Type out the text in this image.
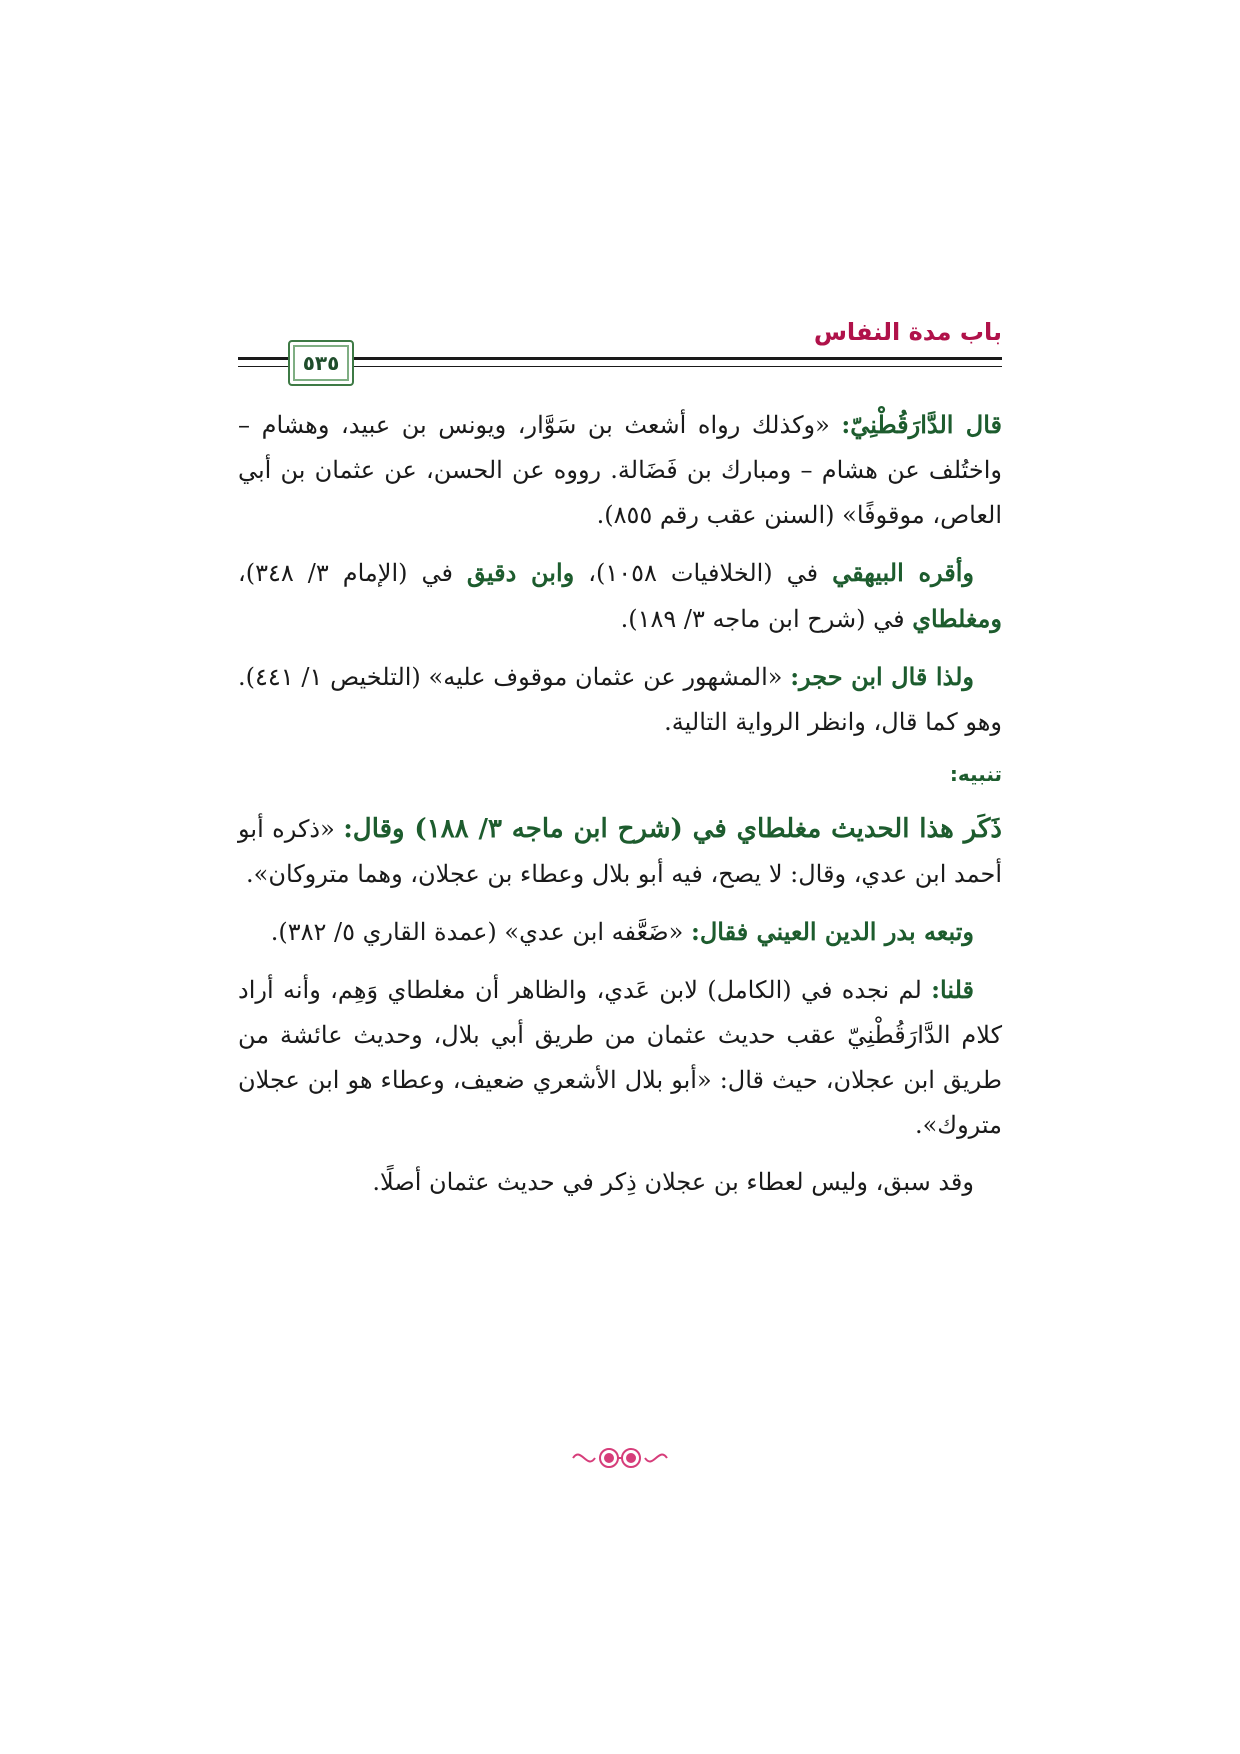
باب مدة النفاس
٥٣٥

قال الدَّارَقُطْنِيّ: «وكذلك رواه أشعث بن سَوَّار، ويونس بن عبيد، وهشام – واختُلف عن هشام – ومبارك بن فَضَالة. رووه عن الحسن، عن عثمان بن أبي العاص، موقوفًا» (السنن عقب رقم ٨٥٥).

وأقره البيهقي في (الخلافيات ١٠٥٨)، وابن دقيق في (الإمام ٣/ ٣٤٨)، ومغلطاي في (شرح ابن ماجه ٣/ ١٨٩).

ولذا قال ابن حجر: «المشهور عن عثمان موقوف عليه» (التلخيص ١/ ٤٤١). وهو كما قال، وانظر الرواية التالية.

تنبيه:

ذَكَر هذا الحديث مغلطاي في (شرح ابن ماجه ٣/ ١٨٨) وقال: «ذكره أبو أحمد ابن عدي، وقال: لا يصح، فيه أبو بلال وعطاء بن عجلان، وهما متروكان».

وتبعه بدر الدين العيني فقال: «ضَعَّفه ابن عدي» (عمدة القاري ٥/ ٣٨٢).

قلنا: لم نجده في (الكامل) لابن عَدي، والظاهر أن مغلطاي وَهِم، وأنه أراد كلام الدَّارَقُطْنِيّ عقب حديث عثمان من طريق أبي بلال، وحديث عائشة من طريق ابن عجلان، حيث قال: «أبو بلال الأشعري ضعيف، وعطاء هو ابن عجلان متروك».

وقد سبق، وليس لعطاء بن عجلان ذِكر في حديث عثمان أصلًا.
